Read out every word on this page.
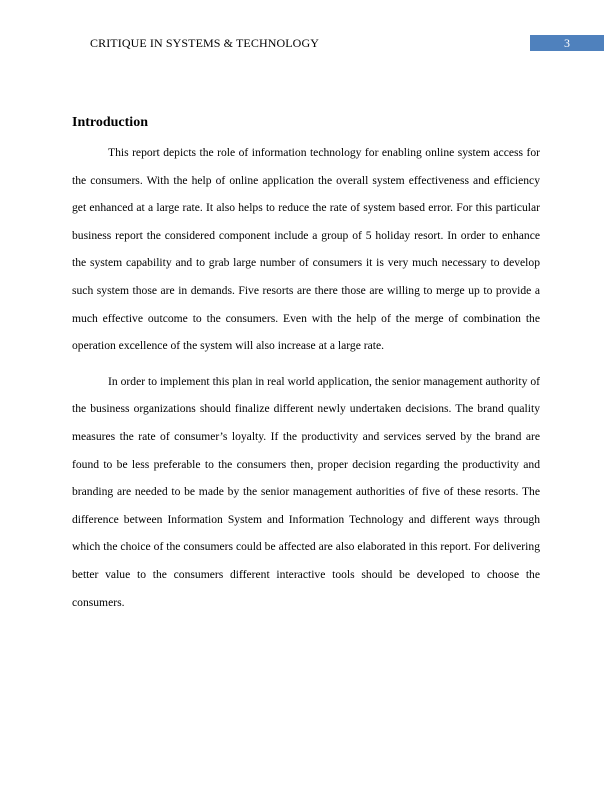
CRITIQUE IN SYSTEMS & TECHNOLOGY	3
Introduction

This report depicts the role of information technology for enabling online system access for the consumers. With the help of online application the overall system effectiveness and efficiency get enhanced at a large rate. It also helps to reduce the rate of system based error. For this particular business report the considered component include a group of 5 holiday resort. In order to enhance the system capability and to grab large number of consumers it is very much necessary to develop such system those are in demands. Five resorts are there those are willing to merge up to provide a much effective outcome to the consumers. Even with the help of the merge of combination the operation excellence of the system will also increase at a large rate.

In order to implement this plan in real world application, the senior management authority of the business organizations should finalize different newly undertaken decisions. The brand quality measures the rate of consumer’s loyalty. If the productivity and services served by the brand are found to be less preferable to the consumers then, proper decision regarding the productivity and branding are needed to be made by the senior management authorities of five of these resorts. The difference between Information System and Information Technology and different ways through which the choice of the consumers could be affected are also elaborated in this report. For delivering better value to the consumers different interactive tools should be developed to choose the consumers.
